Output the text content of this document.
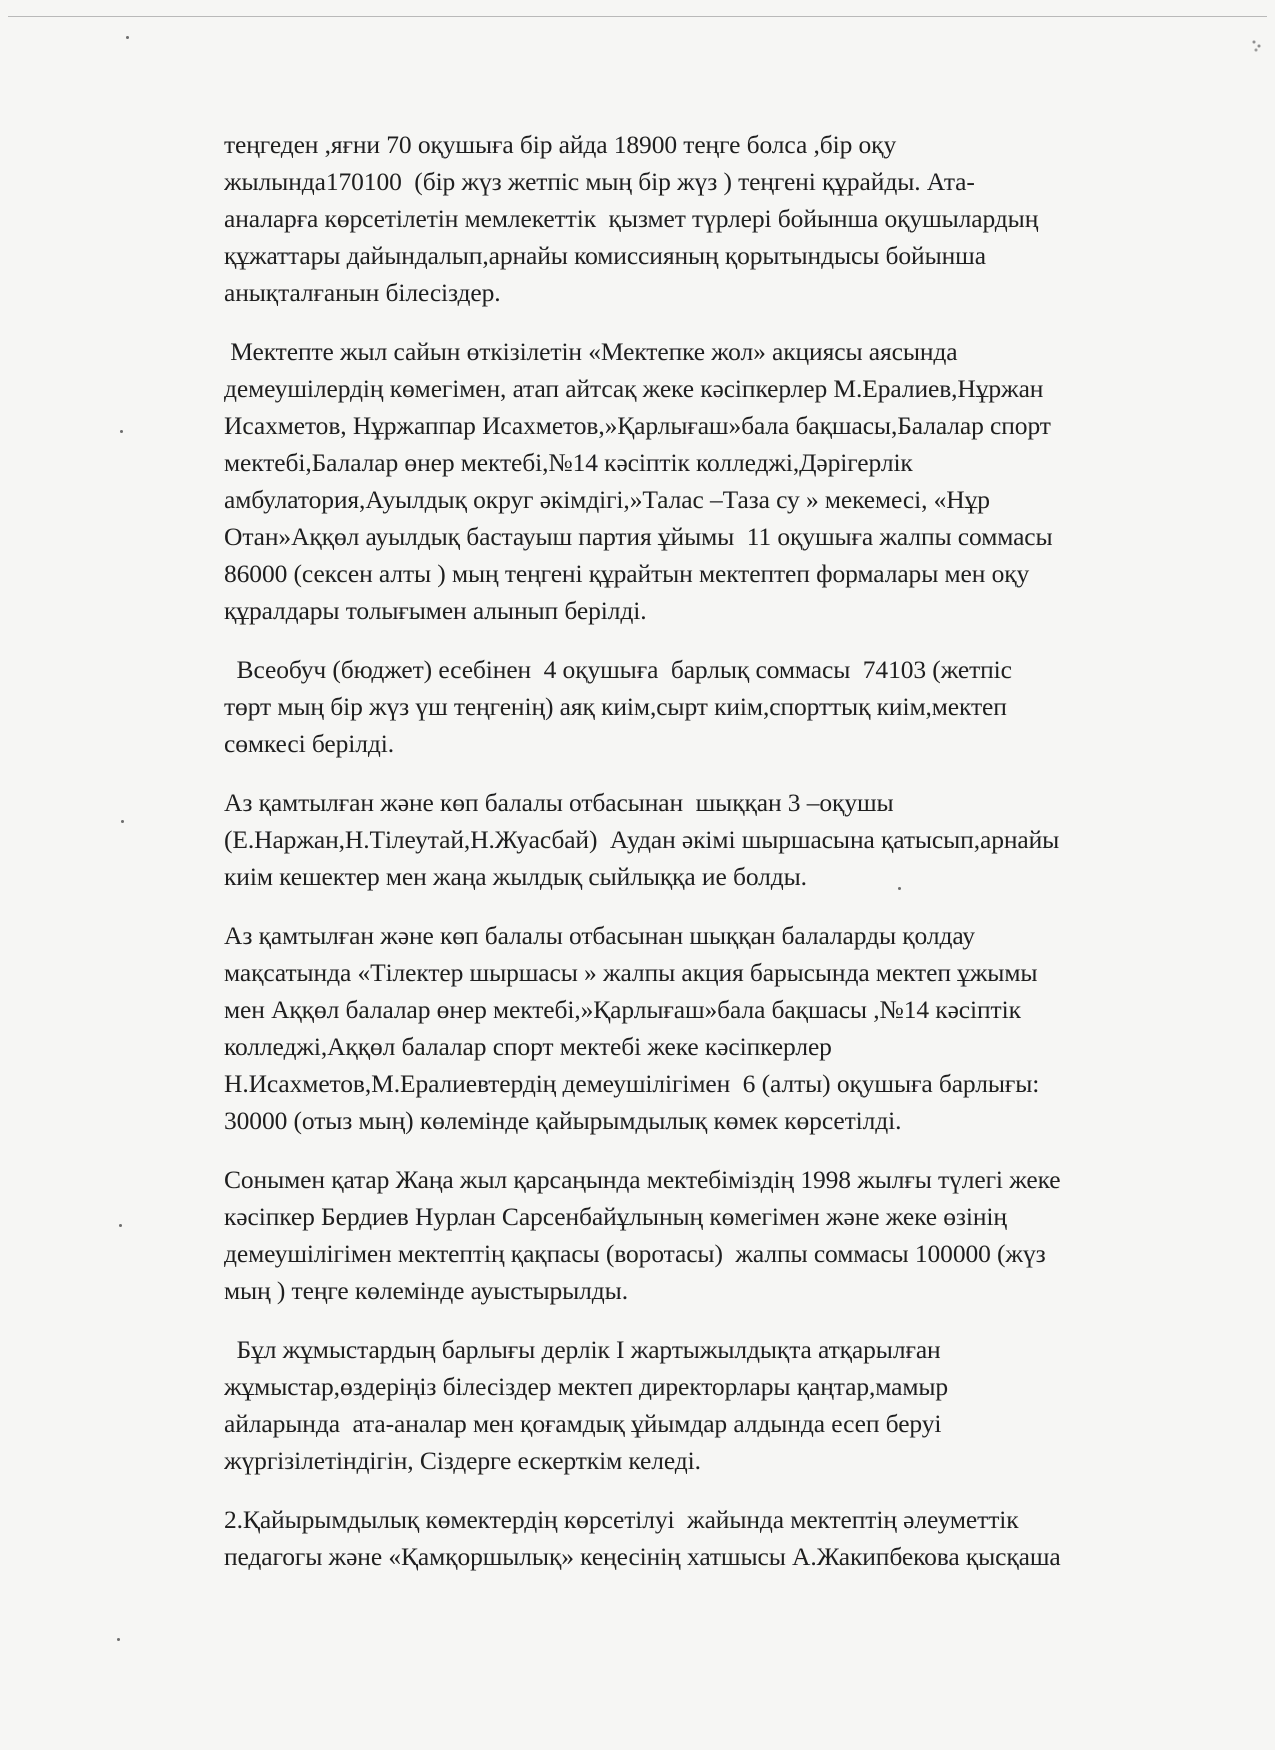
теңгеден ,яғни 70 оқушыға бір айда 18900 теңге болса ,бір оқу
жылында170100  (бір жүз жетпіс мың бір жүз ) теңгені құрайды. Ата-
аналарға көрсетілетін мемлекеттік  қызмет түрлері бойынша оқушылардың
құжаттары дайындалып,арнайы комиссияның қорытындысы бойынша
анықталғанын білесіздер.
Мектепте жыл сайын өткізілетін «Мектепке жол» акциясы аясында
демеушілердің көмегімен, атап айтсақ жеке кәсіпкерлер М.Ералиев,Нұржан
Исахметов, Нұржаппар Исахметов,»Қарлығаш»бала бақшасы,Балалар спорт
мектебі,Балалар өнер мектебі,№14 кәсіптік колледжі,Дәрігерлік
амбулатория,Ауылдық округ әкімдігі,»Талас –Таза су » мекемесі, «Нұр
Отан»Аққөл ауылдық бастауыш партия ұйымы  11 оқушыға жалпы соммасы
86000 (сексен алты ) мың теңгені құрайтын мектептеп формалары мен оқу
құралдары толығымен алынып берілді.
Всеобуч (бюджет) есебінен  4 оқушыға  барлық соммасы  74103 (жетпіс
төрт мың бір жүз үш теңгенің) аяқ киім,сырт киім,спорттық киім,мектеп
сөмкесі берілді.
Аз қамтылған және көп балалы отбасынан  шыққан 3 –оқушы
(Е.Наржан,Н.Тілеутай,Н.Жуасбай)  Аудан әкімі шыршасына қатысып,арнайы
киім кешектер мен жаңа жылдық сыйлыққа ие болды.
Аз қамтылған және көп балалы отбасынан шыққан балаларды қолдау
мақсатында «Тілектер шыршасы » жалпы акция барысында мектеп ұжымы
мен Аққөл балалар өнер мектебі,»Қарлығаш»бала бақшасы ,№14 кәсіптік
колледжі,Аққөл балалар спорт мектебі жеке кәсіпкерлер
Н.Исахметов,М.Ералиевтердің демеушілігімен  6 (алты) оқушыға барлығы:
30000 (отыз мың) көлемінде қайырымдылық көмек көрсетілді.
Сонымен қатар Жаңа жыл қарсаңында мектебіміздің 1998 жылғы түлегі жеке
кәсіпкер Бердиев Нурлан Сарсенбайұлының көмегімен және жеке өзінің
демеушілігімен мектептің қақпасы (воротасы)  жалпы соммасы 100000 (жүз
мың ) теңге көлемінде ауыстырылды.
Бұл жұмыстардың барлығы дерлік І жартыжылдықта атқарылған
жұмыстар,өздеріңіз білесіздер мектеп директорлары қаңтар,мамыр
айларында  ата-аналар мен қоғамдық ұйымдар алдында есеп беруі
жүргізілетіндігін, Сіздерге ескерткім келеді.
2.Қайырымдылық көмектердің көрсетілуі  жайында мектептің әлеуметтік
педагогы және «Қамқоршылық» кеңесінің хатшысы А.Жакипбекова қысқаша
